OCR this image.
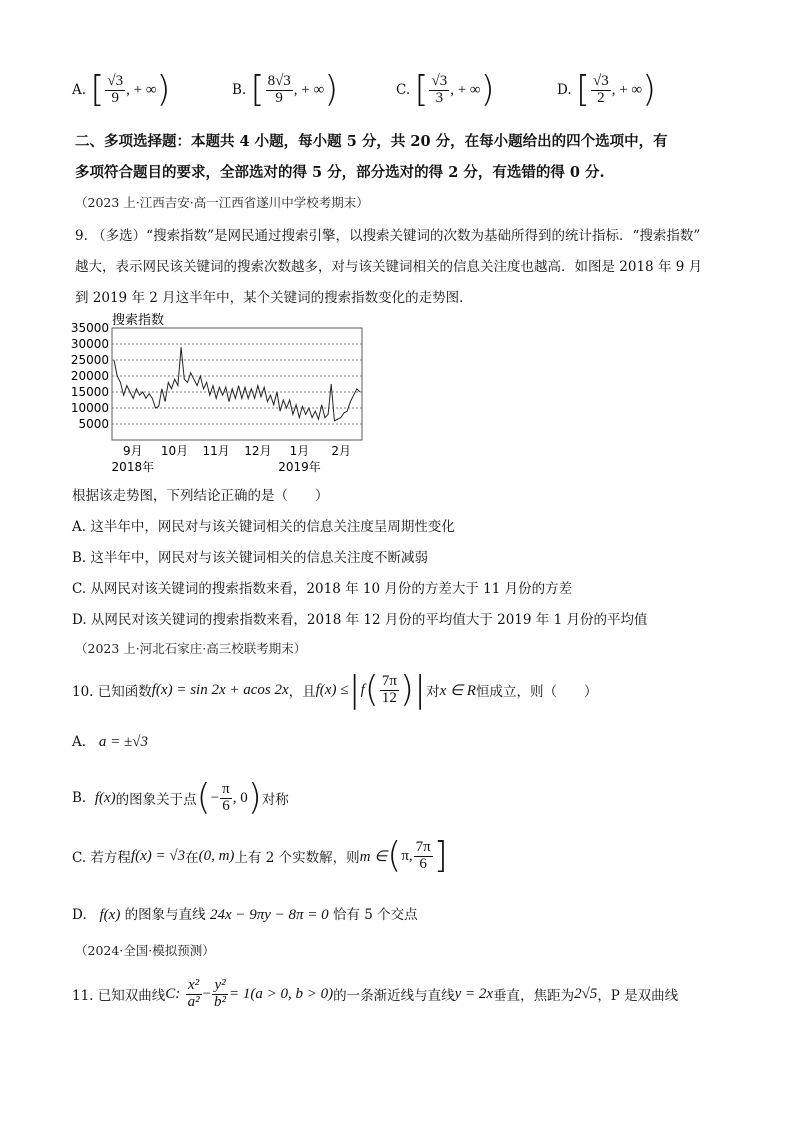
A.
[ $\frac{√3}{9}$ , + ∞ )	B.
[ $\frac{8√3}{9}$ , + ∞ )	C.
[ $\frac{√3}{3}$ , + ∞ )	D.
[ $\frac{√3}{2}$ , + ∞ )
二、多项选择题：本题共 4 小题，每小题 5 分，共 20 分，在每小题给出的四个选项中，有
多项符合题目的要求，全部选对的得 5 分，部分选对的得 2 分，有选错的得 0 分.
（2023 上·江西吉安·高一江西省遂川中学校考期末）
9. （多选）“搜索指数”是网民通过搜索引擎，以搜索关键词的次数为基础所得到的统计指标．“搜索指数”
越大，表示网民该关键词的搜索次数越多，对与该关键词相关的信息关注度也越高．如图是 2018 年 9 月
到 2019 年 2 月这半年中，某个关键词的搜索指数变化的走势图．
搜索指数
35000
30000
25000
20000
15000
10000
5000
9月 10月 11月 12月 1月 2月
2018年	2019年
根据该走势图，下列结论正确的是（　　）
A. 这半年中，网民对与该关键词相关的信息关注度呈周期性变化
B. 这半年中，网民对与该关键词相关的信息关注度不断减弱
C. 从网民对该关键词的搜索指数来看，2018 年 10 月份的方差大于 11 月份的方差
D. 从网民对该关键词的搜索指数来看，2018 年 12 月份的平均值大于 2019 年 1 月份的平均值
（2023 上·河北石家庄·高三校联考期末）
10. 已知函数 f(x) = sin 2x + acos 2x ，且 f(x) ≤ | f ( $\frac{7\pi}{12}$ ) | 对 x ∈ R 恒成立，则（　　）
A. a = ±√3
B.
f(x) 的图象关于点 ( − $\frac{\pi}{6}$ , 0 ) 对称
C. 若方程 f(x) = √3 在 (0, m) 上有 2 个实数解，则 m ∈ ( π, $\frac{7\pi}{6}$ ]
D. f(x) 的图象与直线 24x − 9πy − 8π = 0 恰有 5 个交点
（2024·全国·模拟预测）
11. 已知双曲线 C:
$\frac{\text{x²}}{\text{a²}} - \frac{\text{y²}}{\text{b²}} = 1(a > 0$, b > 0) 的一条渐近线与直线 y = 2x 垂直，焦距为 2√5 ，P 是双曲线
